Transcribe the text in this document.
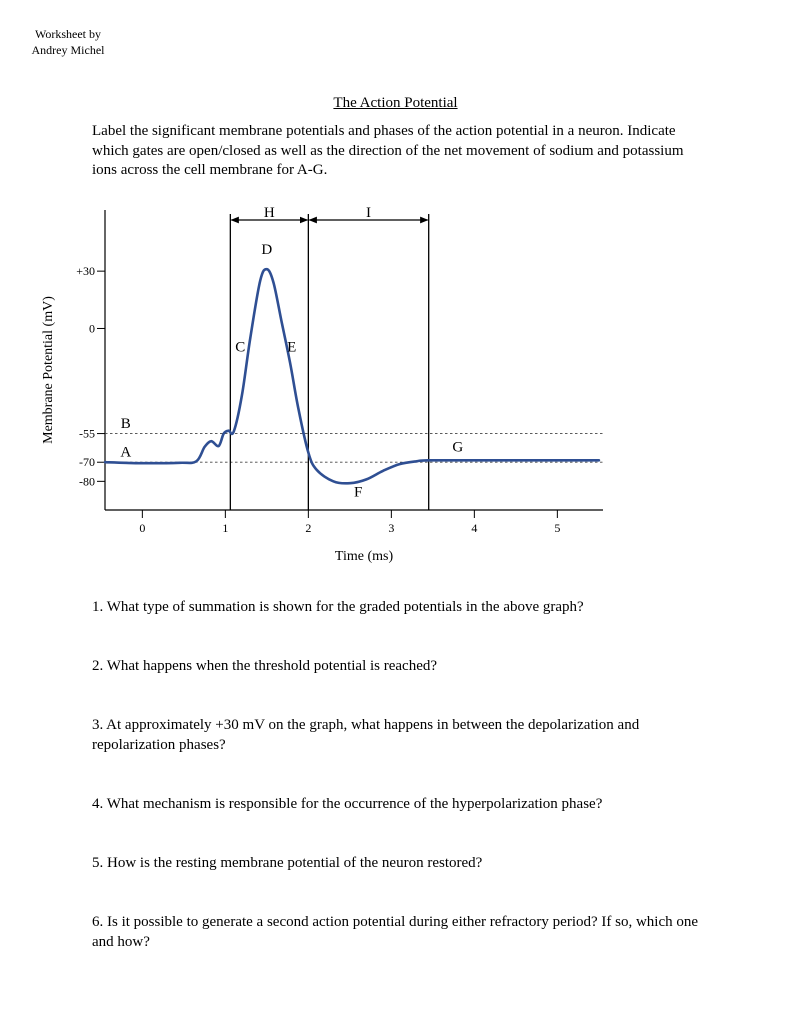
Worksheet by
Andrey Michel
The Action Potential
Label the significant membrane potentials and phases of the action potential in a neuron. Indicate which gates are open/closed as well as the direction of the net movement of sodium and potassium ions across the cell membrane for A-G.
+30
0
-55
-70
-80
0	1	2	3	4	5
Time (ms)
Membrane Potential (mV)
H	I
A
B
C
D
E
F
G
1. What type of summation is shown for the graded potentials in the above graph?
2. What happens when the threshold potential is reached?
3. At approximately +30 mV on the graph, what happens in between the depolarization and repolarization phases?
4. What mechanism is responsible for the occurrence of the hyperpolarization phase?
5. How is the resting membrane potential of the neuron restored?
6. Is it possible to generate a second action potential during either refractory period? If so, which one and how?
